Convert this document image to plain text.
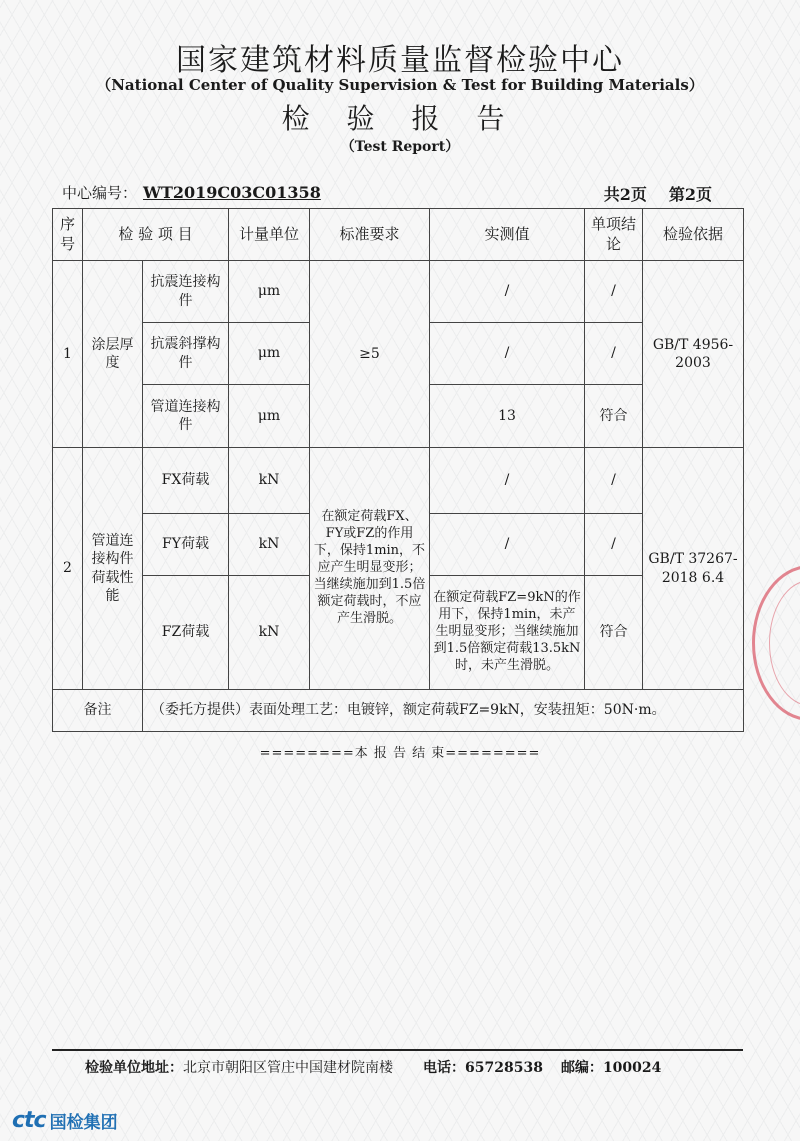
国家建筑材料质量监督检验中心
（National Center of Quality Supervision & Test for Building Materials）
检 验 报 告
（Test Report）
中心编号： WT2019C03C01358	共2页 第2页
序号	检 验 项 目		计量单位	标准要求	实测值	单项结论	检验依据
1	涂层厚度	抗震连接构件	μm	≥5	/	/	GB/T 4956-2003
		抗震斜撑构件	μm		/	/	
		管道连接构件	μm		13	符合	
2	管道连接构件荷载性能	FX荷载	kN	在额定荷载FX、FY或FZ的作用下，保持1min，不应产生明显变形；当继续施加到1.5倍额定荷载时，不应产生滑脱。	/	/	GB/T 37267-2018 6.4
		FY荷载	kN		/	/	
		FZ荷载	kN		在额定荷载FZ=9kN的作用下，保持1min，未产生明显变形；当继续施加到1.5倍额定荷载13.5kN时，未产生滑脱。	符合	
备注		（委托方提供）表面处理工艺：电镀锌，额定荷载FZ=9kN，安装扭矩：50N·m。					
========本 报 告 结 束========
检验单位地址：北京市朝阳区管庄中国建材院南楼 电话：65728538 邮编：100024
ctc 国检集团
